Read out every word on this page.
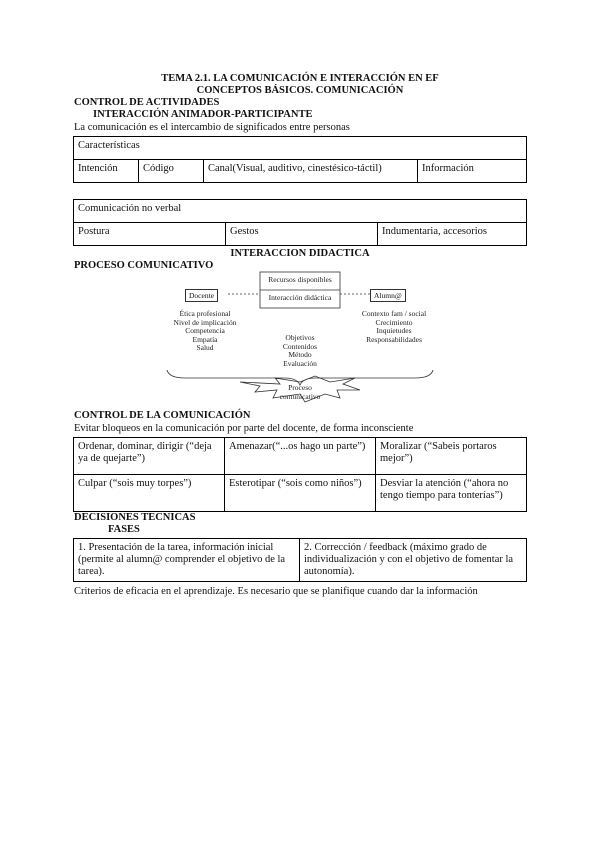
TEMA 2.1. LA COMUNICACIÓN E INTERACCIÓN EN EF
CONCEPTOS BÁSICOS. COMUNICACIÓN
CONTROL DE ACTIVIDADES
INTERACCIÓN ANIMADOR-PARTICIPANTE
La comunicación es el intercambio de significados entre personas
Características
Intención	Código	Canal(Visual, auditivo, cinestésico-táctil)	Información
Comunicación no verbal
Postura	Gestos	Indumentaria, accesorios
INTERACCION DIDACTICA
PROCESO COMUNICATIVO
Recursos disponibles
Interacción didáctica
Docente	Alumn@
Ética profesional
Nivel de implicación
Competencia
Empatía
Salud
Contexto fam / social
Crecimiento
Inquietudes
Responsabilidades
Objetivos
Contenidos
Método
Evaluación
Proceso
comunicativo
CONTROL DE LA COMUNICACIÓN
Evitar bloqueos en la comunicación por parte del docente, de forma inconsciente
Ordenar, dominar, dirigir (“deja ya de quejarte”)	Amenazar(“...os hago un parte”)	Moralizar (“Sabeis portaros mejor”)
Culpar (“sois muy torpes”)	Esterotipar (“sois como niños”)	Desviar la atención (“ahora no tengo tiempo para tonterías”)
DECISIONES TECNICAS
FASES
1. Presentación de la tarea, información inicial (permite al alumn@ comprender el objetivo de la tarea).	2. Corrección / feedback (máximo grado de individualización y con el objetivo de fomentar la autonomía).
Criterios de eficacia en el aprendizaje. Es necesario que se planifique cuando dar la información
